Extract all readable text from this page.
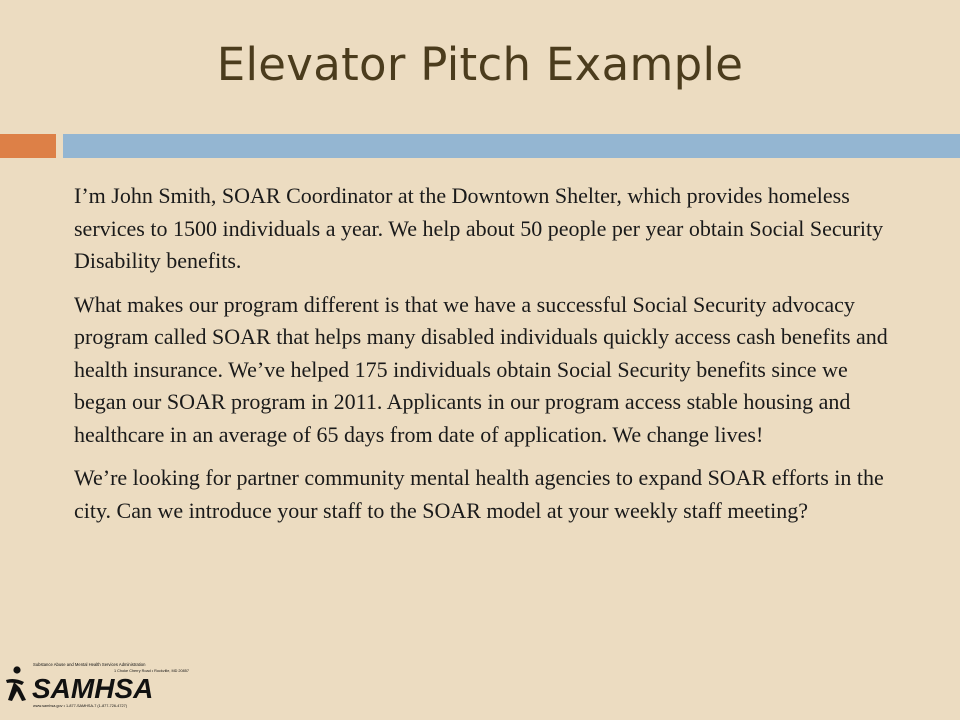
Elevator Pitch Example

I’m John Smith, SOAR Coordinator at the Downtown Shelter, which provides homeless services to 1500 individuals a year. We help about 50 people per year obtain Social Security Disability benefits.

What makes our program different is that we have a successful Social Security advocacy program called SOAR that helps many disabled individuals quickly access cash benefits and health insurance. We’ve helped 175 individuals obtain Social Security benefits since we began our SOAR program in 2011. Applicants in our program access stable housing and healthcare in an average of 65 days from date of application. We change lives!

We’re looking for partner community mental health agencies to expand SOAR efforts in the city. Can we introduce your staff to the SOAR model at your weekly staff meeting?

Substance Abuse and Mental Health Services Administration
SAMHSA
1 Choke Cherry Road • Rockville, MD 20857
www.samhsa.gov • 1-877-SAMHSA-7 (1-877-726-4727)
